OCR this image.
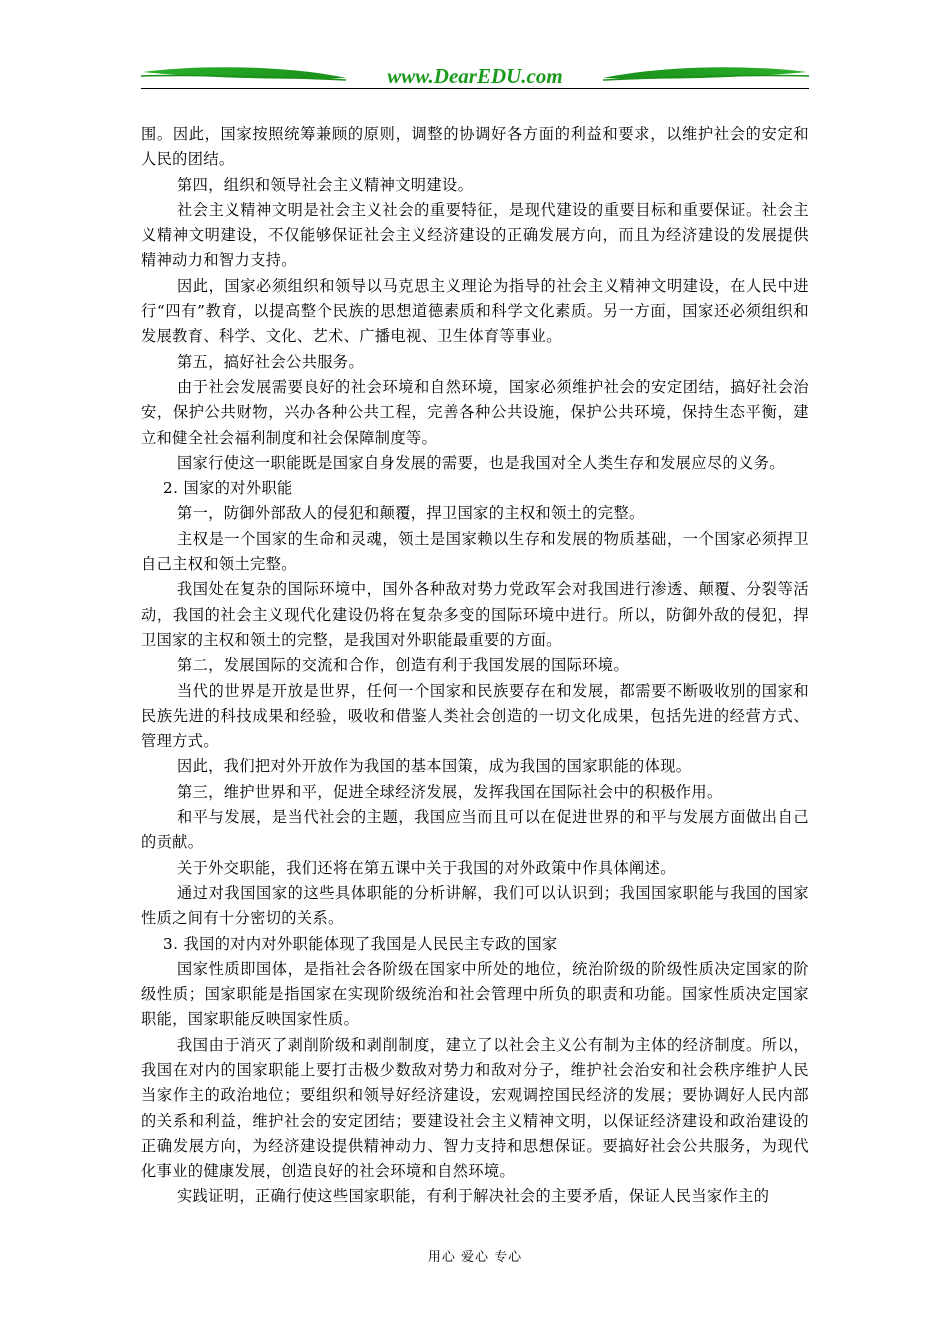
www.DearEDU.com

围。因此，国家按照统筹兼顾的原则，调整的协调好各方面的利益和要求，以维护社会的安定和人民的团结。

第四，组织和领导社会主义精神文明建设。

社会主义精神文明是社会主义社会的重要特征，是现代建设的重要目标和重要保证。社会主义精神文明建设，不仅能够保证社会主义经济建设的正确发展方向，而且为经济建设的发展提供精神动力和智力支持。

因此，国家必须组织和领导以马克思主义理论为指导的社会主义精神文明建设，在人民中进行“四有”教育，以提高整个民族的思想道德素质和科学文化素质。另一方面，国家还必须组织和发展教育、科学、文化、艺术、广播电视、卫生体育等事业。

第五，搞好社会公共服务。

由于社会发展需要良好的社会环境和自然环境，国家必须维护社会的安定团结，搞好社会治安，保护公共财物，兴办各种公共工程，完善各种公共设施，保护公共环境，保持生态平衡，建立和健全社会福利制度和社会保障制度等。

国家行使这一职能既是国家自身发展的需要，也是我国对全人类生存和发展应尽的义务。

2. 国家的对外职能

第一，防御外部敌人的侵犯和颠覆，捍卫国家的主权和领土的完整。

主权是一个国家的生命和灵魂，领土是国家赖以生存和发展的物质基础，一个国家必须捍卫自己主权和领土完整。

我国处在复杂的国际环境中，国外各种敌对势力党政军会对我国进行渗透、颠覆、分裂等活动，我国的社会主义现代化建设仍将在复杂多变的国际环境中进行。所以，防御外敌的侵犯，捍卫国家的主权和领土的完整，是我国对外职能最重要的方面。

第二，发展国际的交流和合作，创造有利于我国发展的国际环境。

当代的世界是开放是世界，任何一个国家和民族要存在和发展，都需要不断吸收别的国家和民族先进的科技成果和经验，吸收和借鉴人类社会创造的一切文化成果，包括先进的经营方式、管理方式。

因此，我们把对外开放作为我国的基本国策，成为我国的国家职能的体现。

第三，维护世界和平，促进全球经济发展，发挥我国在国际社会中的积极作用。

和平与发展，是当代社会的主题，我国应当而且可以在促进世界的和平与发展方面做出自己的贡献。

关于外交职能，我们还将在第五课中关于我国的对外政策中作具体阐述。

通过对我国国家的这些具体职能的分析讲解，我们可以认识到；我国国家职能与我国的国家性质之间有十分密切的关系。

3. 我国的对内对外职能体现了我国是人民民主专政的国家

国家性质即国体，是指社会各阶级在国家中所处的地位，统治阶级的阶级性质决定国家的阶级性质；国家职能是指国家在实现阶级统治和社会管理中所负的职责和功能。国家性质决定国家职能，国家职能反映国家性质。

我国由于消灭了剥削阶级和剥削制度，建立了以社会主义公有制为主体的经济制度。所以，我国在对内的国家职能上要打击极少数敌对势力和敌对分子，维护社会治安和社会秩序维护人民当家作主的政治地位；要组织和领导好经济建设，宏观调控国民经济的发展；要协调好人民内部的关系和利益，维护社会的安定团结；要建设社会主义精神文明，以保证经济建设和政治建设的正确发展方向，为经济建设提供精神动力、智力支持和思想保证。要搞好社会公共服务，为现代化事业的健康发展，创造良好的社会环境和自然环境。

实践证明，正确行使这些国家职能，有利于解决社会的主要矛盾，保证人民当家作主的

用心 爱心 专心
